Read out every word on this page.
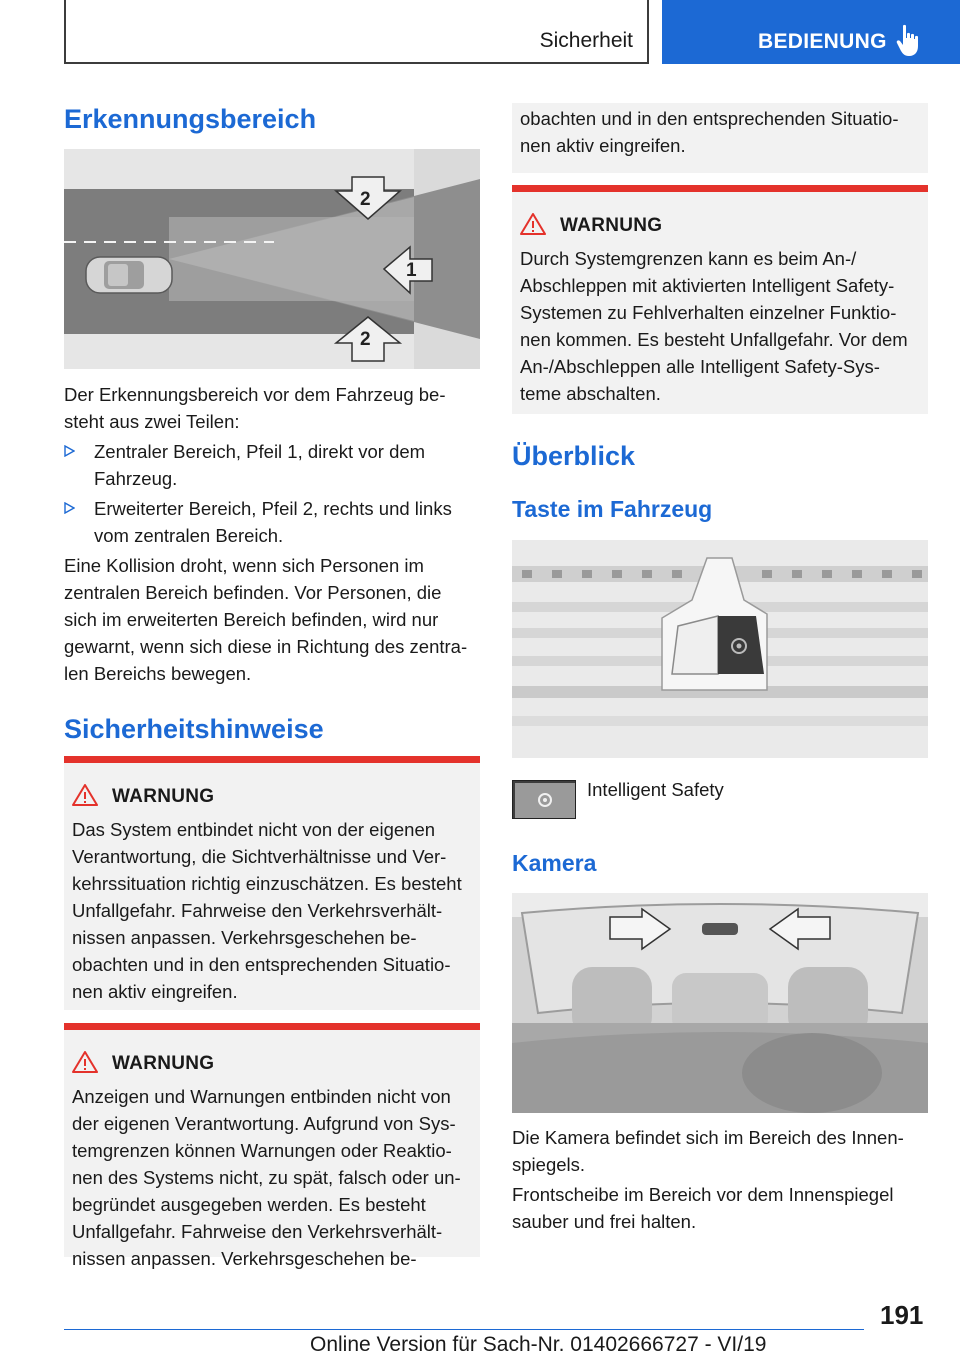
Sicherheit	BEDIENUNG
Erkennungsbereich
2
1
2
Der Erkennungsbereich vor dem Fahrzeug be-
steht aus zwei Teilen:
Zentraler Bereich, Pfeil 1, direkt vor dem
Fahrzeug.
Erweiterter Bereich, Pfeil 2, rechts und links
vom zentralen Bereich.
Eine Kollision droht, wenn sich Personen im
zentralen Bereich befinden. Vor Personen, die
sich im erweiterten Bereich befinden, wird nur
gewarnt, wenn sich diese in Richtung des zentra-
len Bereichs bewegen.
Sicherheitshinweise
WARNUNG
Das System entbindet nicht von der eigenen
Verantwortung, die Sichtverhältnisse und Ver-
kehrssituation richtig einzuschätzen. Es besteht
Unfallgefahr. Fahrweise den Verkehrsverhält-
nissen anpassen. Verkehrsgeschehen be-
obachten und in den entsprechenden Situatio-
nen aktiv eingreifen.
WARNUNG
Anzeigen und Warnungen entbinden nicht von
der eigenen Verantwortung. Aufgrund von Sys-
temgrenzen können Warnungen oder Reaktio-
nen des Systems nicht, zu spät, falsch oder un-
begründet ausgegeben werden. Es besteht
Unfallgefahr. Fahrweise den Verkehrsverhält-
nissen anpassen. Verkehrsgeschehen be-
obachten und in den entsprechenden Situatio-
nen aktiv eingreifen.
WARNUNG
Durch Systemgrenzen kann es beim An-/
Abschleppen mit aktivierten Intelligent Safety-
Systemen zu Fehlverhalten einzelner Funktio-
nen kommen. Es besteht Unfallgefahr. Vor dem
An-/Abschleppen alle Intelligent Safety-Sys-
teme abschalten.
Überblick
Taste im Fahrzeug
Intelligent Safety
Kamera
Die Kamera befindet sich im Bereich des Innen-
spiegels.
Frontscheibe im Bereich vor dem Innenspiegel
sauber und frei halten.
191
Online Version für Sach-Nr. 01402666727 - VI/19
